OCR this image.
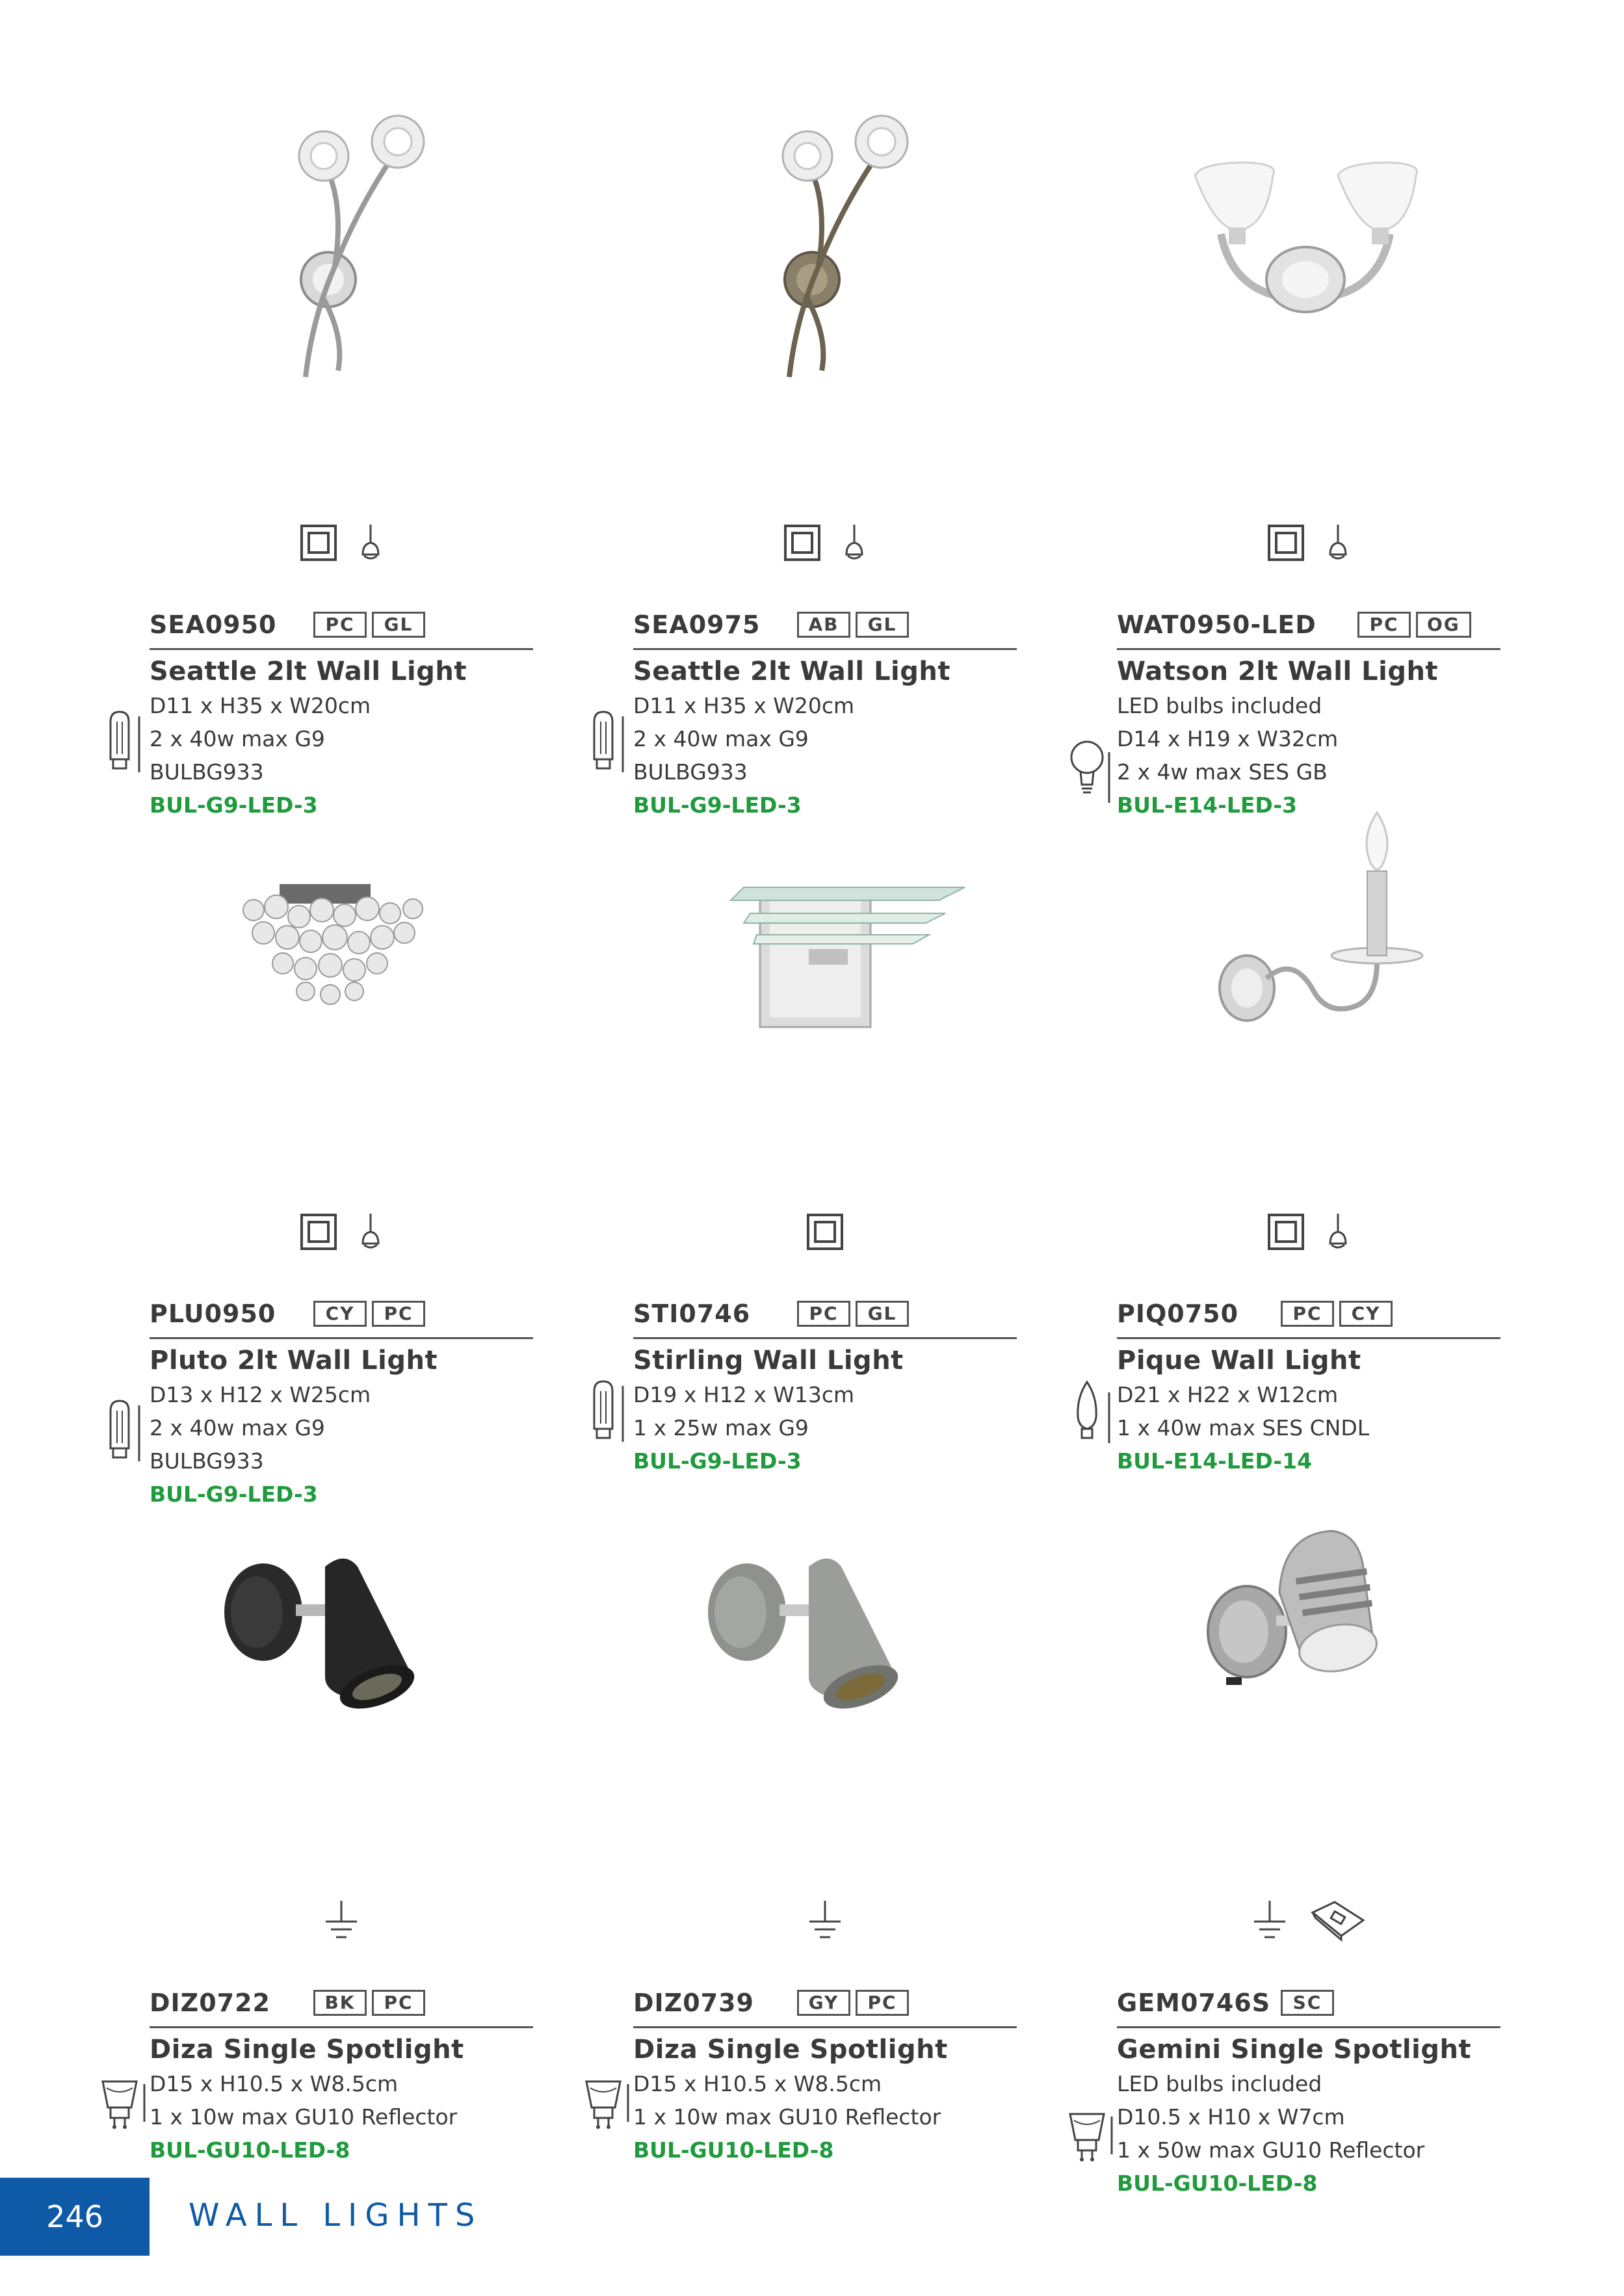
SEA0950	PC	GL
Seattle 2lt Wall Light
D11 x H35 x W20cm
2 x 40w max G9
BULBG933
BUL-G9-LED-3
SEA0975	AB	GL
Seattle 2lt Wall Light
D11 x H35 x W20cm
2 x 40w max G9
BULBG933
BUL-G9-LED-3
WAT0950-LED	PC	OG
Watson 2lt Wall Light
LED bulbs included
D14 x H19 x W32cm
2 x 4w max SES GB
BUL-E14-LED-3
PLU0950	CY	PC
Pluto 2lt Wall Light
D13 x H12 x W25cm
2 x 40w max G9
BULBG933
BUL-G9-LED-3
STI0746	PC	GL
Stirling Wall Light
D19 x H12 x W13cm
1 x 25w max G9
BUL-G9-LED-3
PIQ0750	PC	CY
Pique Wall Light
D21 x H22 x W12cm
1 x 40w max SES CNDL
BUL-E14-LED-14
DIZ0722	BK	PC
Diza Single Spotlight
D15 x H10.5 x W8.5cm
1 x 10w max GU10 Reflector
BUL-GU10-LED-8
DIZ0739	GY	PC
Diza Single Spotlight
D15 x H10.5 x W8.5cm
1 x 10w max GU10 Reflector
BUL-GU10-LED-8
GEM0746S	SC
Gemini Single Spotlight
LED bulbs included
D10.5 x H10 x W7cm
1 x 50w max GU10 Reflector
BUL-GU10-LED-8
246	WALL LIGHTS
